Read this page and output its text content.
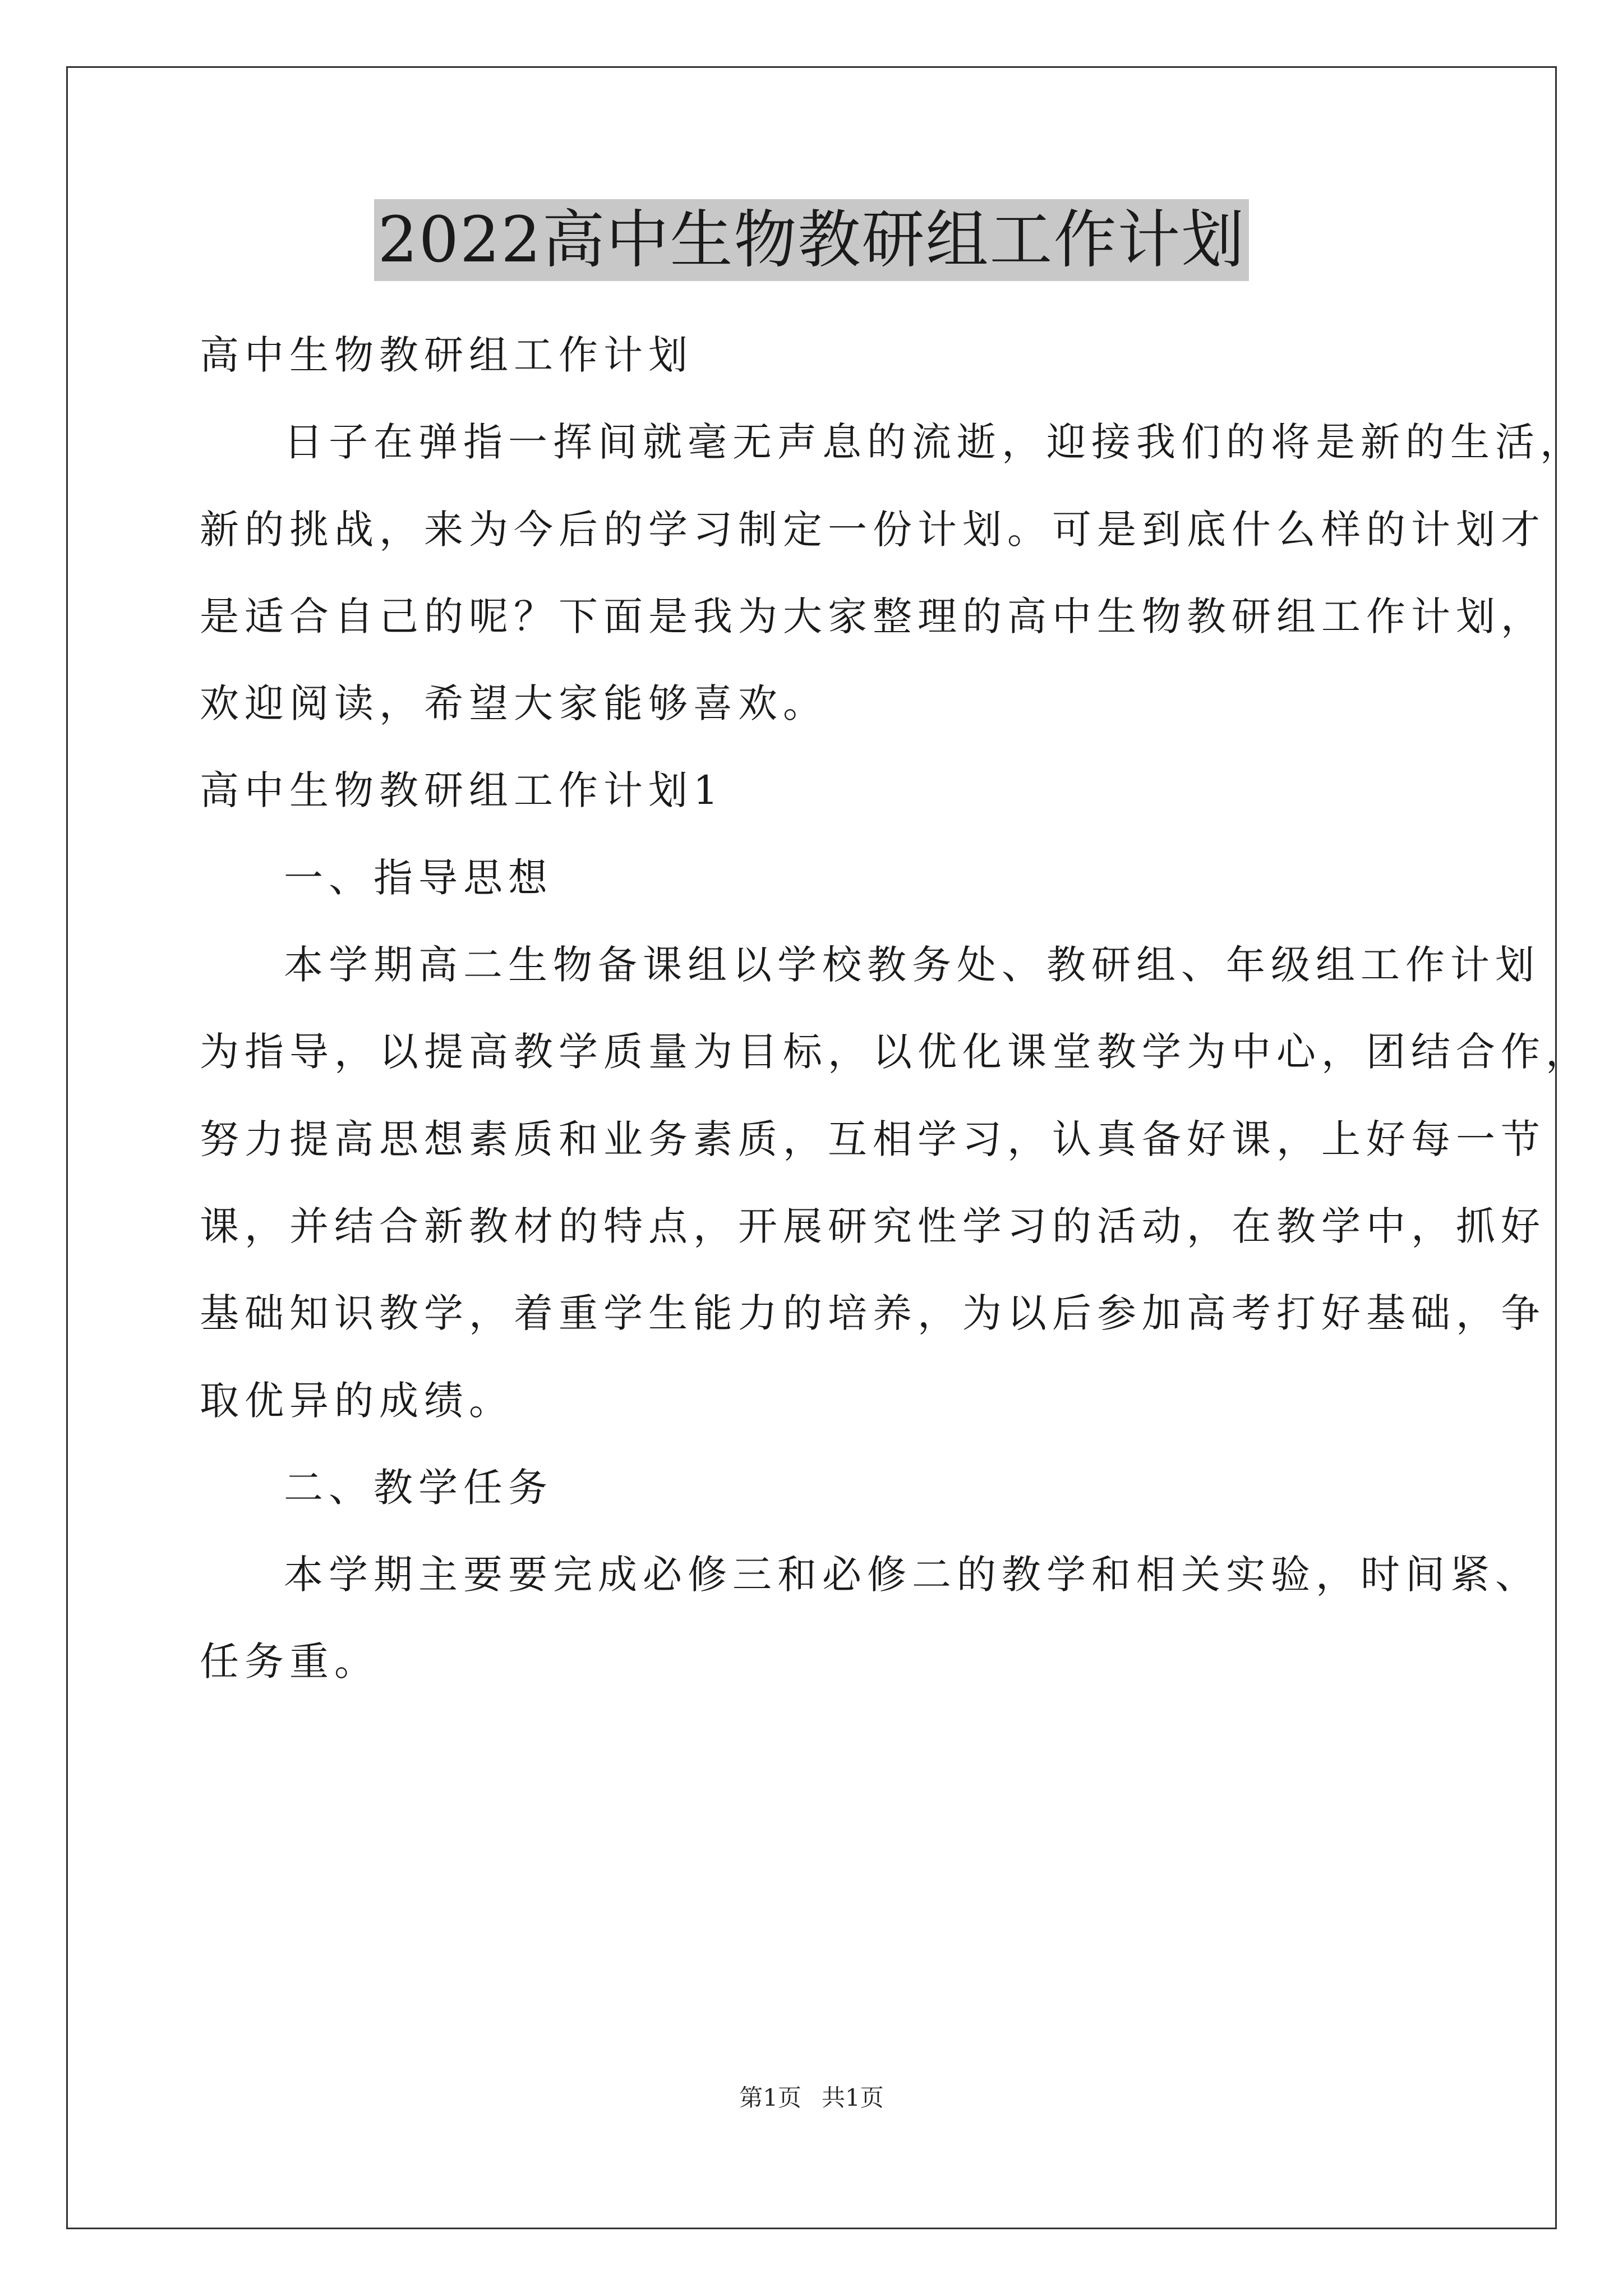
2022高中生物教研组工作计划

高中生物教研组工作计划

日子在弹指一挥间就毫无声息的流逝，迎接我们的将是新的生活，

新的挑战，来为今后的学习制定一份计划。可是到底什么样的计划才

是适合自己的呢？下面是我为大家整理的高中生物教研组工作计划，

欢迎阅读，希望大家能够喜欢。

高中生物教研组工作计划1

一、指导思想

本学期高二生物备课组以学校教务处、教研组、年级组工作计划

为指导，以提高教学质量为目标，以优化课堂教学为中心，团结合作，

努力提高思想素质和业务素质，互相学习，认真备好课，上好每一节

课，并结合新教材的特点，开展研究性学习的活动，在教学中，抓好

基础知识教学，着重学生能力的培养，为以后参加高考打好基础，争

取优异的成绩。

二、教学任务

本学期主要要完成必修三和必修二的教学和相关实验，时间紧、

任务重。

第1页 共1页
